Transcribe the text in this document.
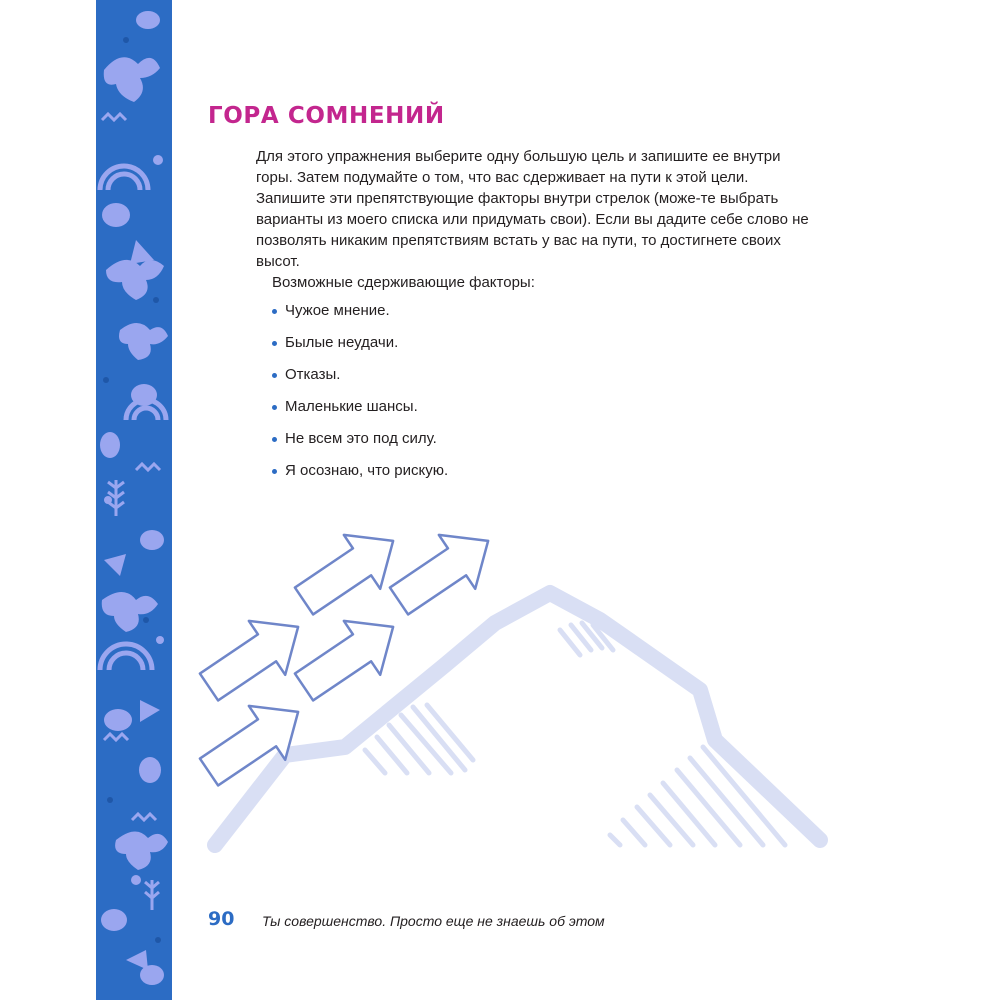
ГОРА СОМНЕНИЙ

Для этого упражнения выберите одну большую цель и запишите ее внутри горы. Затем подумайте о том, что вас сдерживает на пути к этой цели. Запишите эти препятствующие факторы внутри стрелок (може-те выбрать варианты из моего списка или придумать свои). Если вы дадите себе слово не позволять никаким препятствиям встать у вас на пути, то достигнете своих высот.

Возможные сдерживающие факторы:

Чужое мнение.
Былые неудачи.
Отказы.
Маленькие шансы.
Не всем это под силу.
Я осознаю, что рискую.
90 Ты совершенство. Просто еще не знаешь об этом
